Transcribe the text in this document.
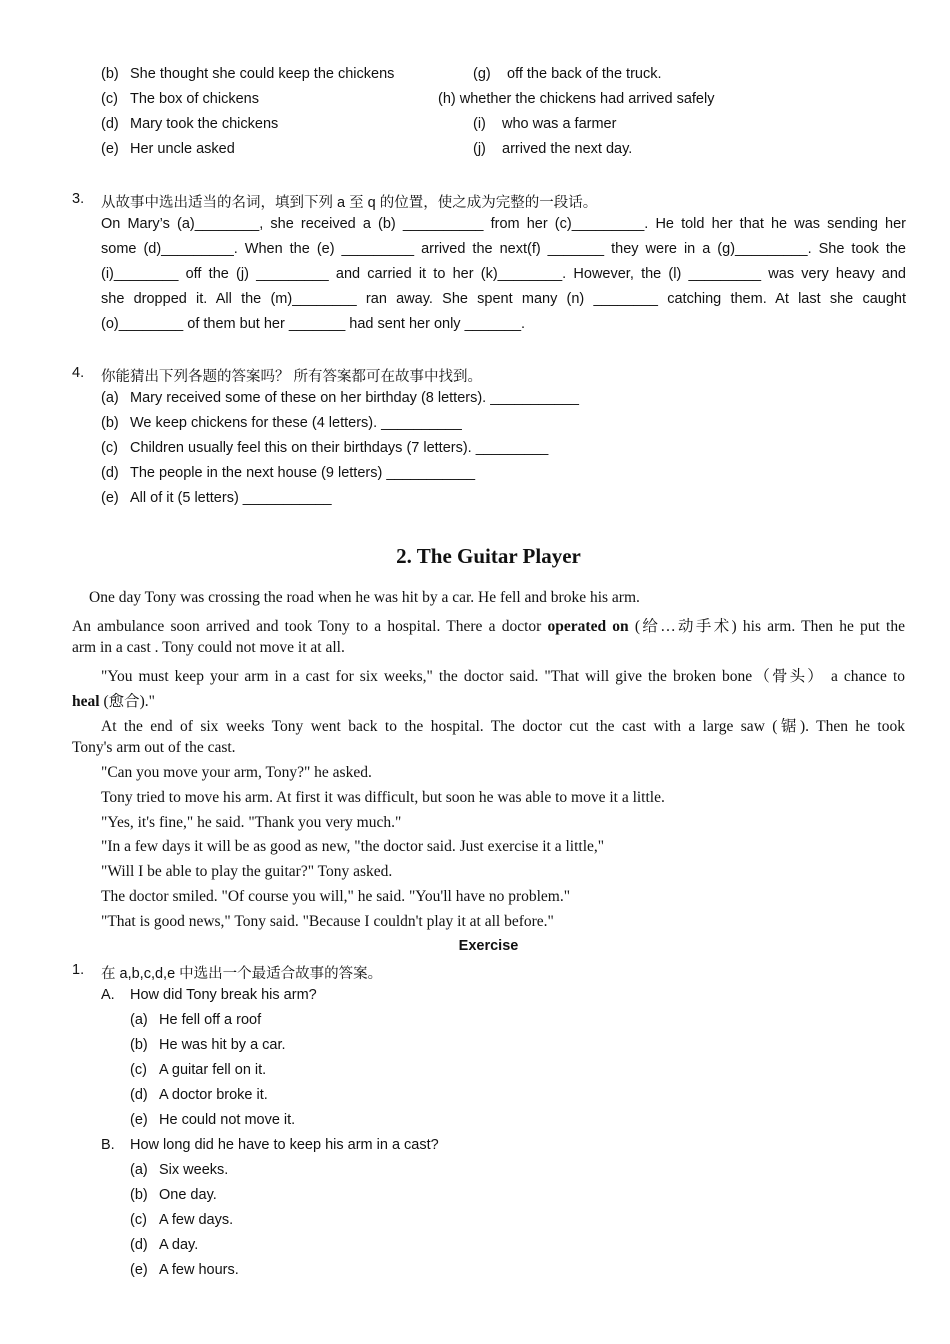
(b) She thought she could keep the chickens
(c) The box of chickens
(d) Mary took the chickens
(e) Her uncle asked
(g) off the back of the truck.
(h) whether the chickens had arrived safely
(i) who was a farmer
(j) arrived the next day.
3. 从故事中选出适当的名词，填到下列 a 至 q 的位置，使之成为完整的一段话。
On Mary’s (a)________, she received a (b) __________ from her (c)_________. He told her that he was sending her
some (d)_________. When the (e) _________ arrived the next(f) _______ they were in a (g)_________. She took the
(i)________ off the (j) _________ and carried it to her (k)________. However, the (l) _________ was very heavy and
she dropped it. All the (m)________ ran away. She spent many (n) ________ catching them. At last she caught
(o)________ of them but her _______ had sent her only _______.
4. 你能猜出下列各题的答案吗？ 所有答案都可在故事中找到。
(a) Mary received some of these on her birthday (8 letters). ___________
(b) We keep chickens for these (4 letters). __________
(c) Children usually feel this on their birthdays (7 letters). _________
(d) The people in the next house (9 letters) ___________
(e) All of it (5 letters) ___________
2. The Guitar Player
One day Tony was crossing the road when he was hit by a car. He fell and broke his arm.
An ambulance soon arrived and took Tony to a hospital. There a doctor operated on (给…动手术) his arm. Then he put the
arm in a cast . Tony could not move it at all.
"You must keep your arm in a cast for six weeks," the doctor said. "That will give the broken bone（骨头） a chance to
heal (愈合)."
At the end of six weeks Tony went back to the hospital. The doctor cut the cast with a large saw (锯). Then he took
Tony's arm out of the cast.
"Can you move your arm, Tony?" he asked.
Tony tried to move his arm. At first it was difficult, but soon he was able to move it a little.
"Yes, it's fine," he said. "Thank you very much."
"In a few days it will be as good as new, "the doctor said. Just exercise it a little,"
"Will I be able to play the guitar?" Tony asked.
The doctor smiled. "Of course you will," he said. "You'll have no problem."
"That is good news," Tony said. "Because I couldn't play it at all before."
Exercise
1. 在 a,b,c,d,e 中选出一个最适合故事的答案。
A. How did Tony break his arm?
(a) He fell off a roof
(b) He was hit by a car.
(c) A guitar fell on it.
(d) A doctor broke it.
(e) He could not move it.
B. How long did he have to keep his arm in a cast?
(a) Six weeks.
(b) One day.
(c) A few days.
(d) A day.
(e) A few hours.
